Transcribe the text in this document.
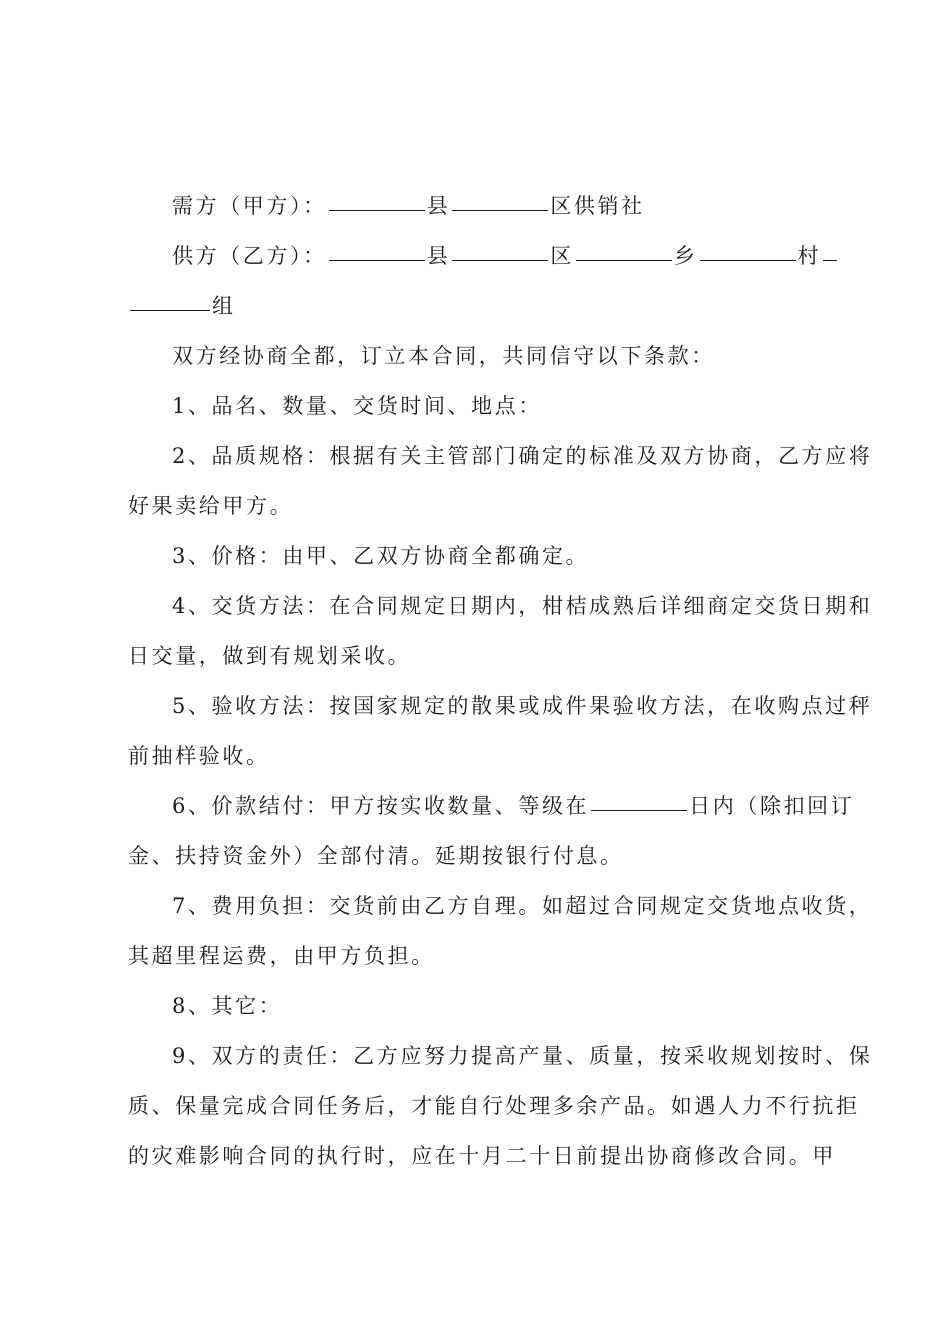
需方（甲方）：	县	区供销社
供方（乙方）：	县	区	乡	村
组
双方经协商全都，订立本合同，共同信守以下条款：
1、品名、数量、交货时间、地点：
2、品质规格：根据有关主管部门确定的标准及双方协商，乙方应将
好果卖给甲方。
3、价格：由甲、乙双方协商全都确定。
4、交货方法：在合同规定日期内，柑桔成熟后详细商定交货日期和
日交量，做到有规划采收。
5、验收方法：按国家规定的散果或成件果验收方法，在收购点过秤
前抽样验收。
6、价款结付：甲方按实收数量、等级在	日内（除扣回订
金、扶持资金外）全部付清。延期按银行付息。
7、费用负担：交货前由乙方自理。如超过合同规定交货地点收货，
其超里程运费，由甲方负担。
8、其它：
9、双方的责任：乙方应努力提高产量、质量，按采收规划按时、保
质、保量完成合同任务后，才能自行处理多余产品。如遇人力不行抗拒
的灾难影响合同的执行时，应在十月二十日前提出协商修改合同。甲
